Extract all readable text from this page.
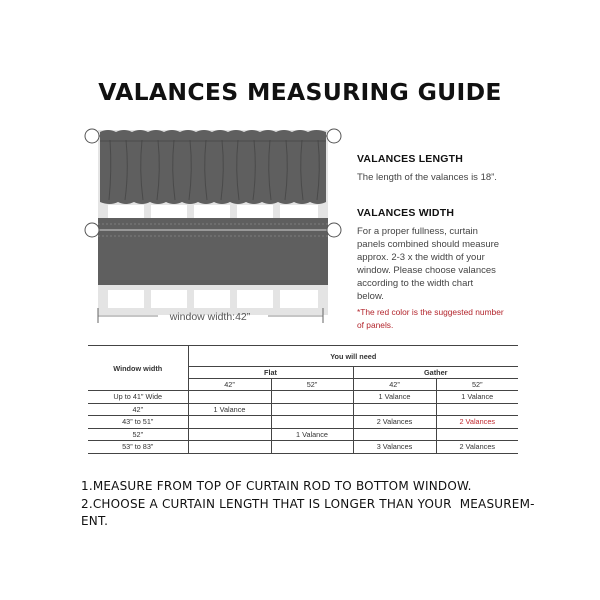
VALANCES MEASURING GUIDE
window width:42”
VALANCES LENGTH
The length of the valances is 18”.
VALANCES WIDTH
For a proper fullness, curtain
panels combined should measure
approx. 2-3 x the width of your
window. Please choose valances
according to the width chart
below.
*The red color is the suggested number
of panels.
Window width	You will need			
	Flat		Gather	
	42”	52”	42”	52”
Up to 41” Wide			1 Valance	1 Valance
42”	1 Valance			
43” to 51”			2 Valances	2 Valances
52”		1 Valance		
53” to 83”			3 Valances	2 Valances
1.MEASURE FROM TOP OF CURTAIN ROD TO BOTTOM WINDOW.
2.CHOOSE A CURTAIN LENGTH THAT IS LONGER THAN YOUR  MEASUREM-
ENT.
